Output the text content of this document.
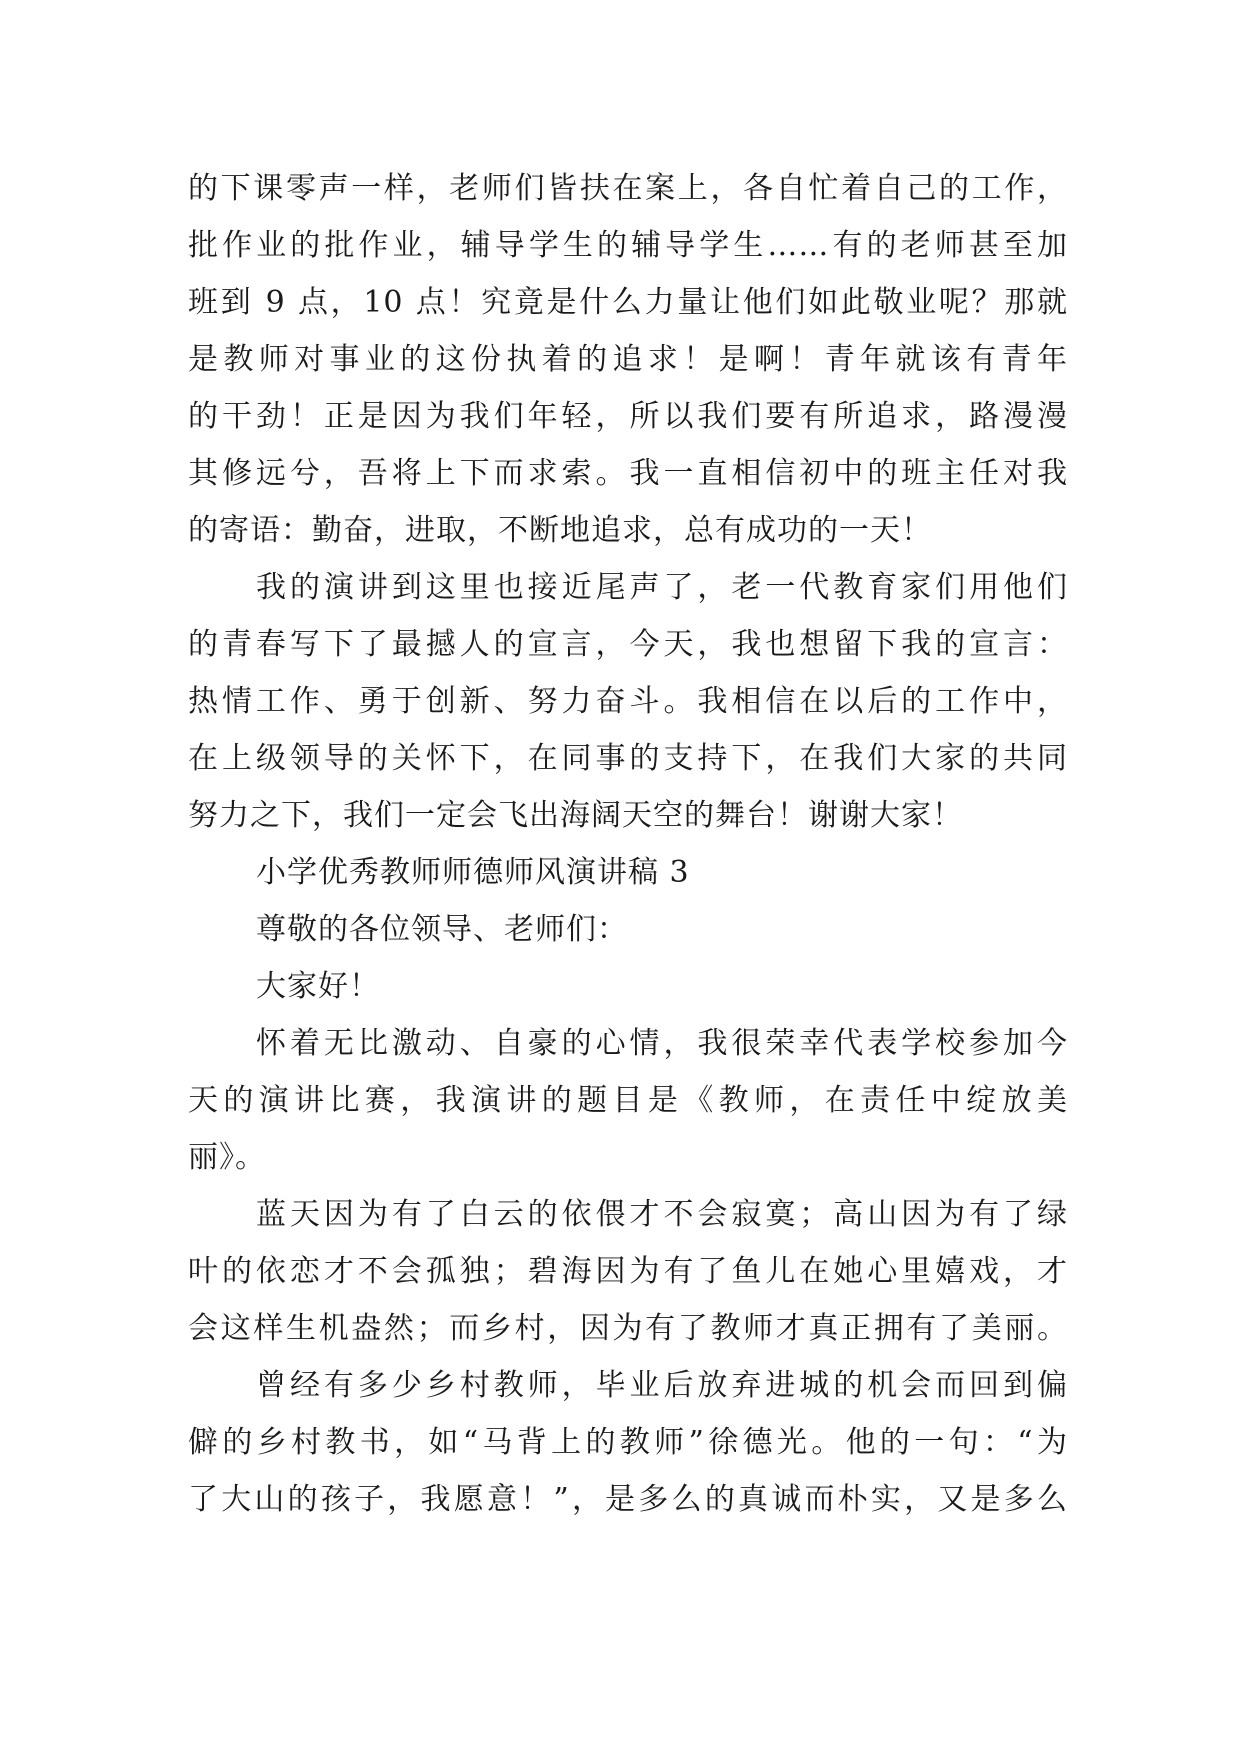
的下课零声一样，老师们皆扶在案上，各自忙着自己的工作，
批作业的批作业，辅导学生的辅导学生……有的老师甚至加
班到 9 点，10 点！究竟是什么力量让他们如此敬业呢？那就
是教师对事业的这份执着的追求！是啊！青年就该有青年
的干劲！正是因为我们年轻，所以我们要有所追求，路漫漫
其修远兮，吾将上下而求索。我一直相信初中的班主任对我
的寄语：勤奋，进取，不断地追求，总有成功的一天！
我的演讲到这里也接近尾声了，老一代教育家们用他们
的青春写下了最撼人的宣言，今天，我也想留下我的宣言：
热情工作、勇于创新、努力奋斗。我相信在以后的工作中，
在上级领导的关怀下，在同事的支持下，在我们大家的共同
努力之下，我们一定会飞出海阔天空的舞台！谢谢大家！
小学优秀教师师德师风演讲稿 3
尊敬的各位领导、老师们：
大家好！
怀着无比激动、自豪的心情，我很荣幸代表学校参加今
天的演讲比赛，我演讲的题目是《教师，在责任中绽放美
丽》。
蓝天因为有了白云的依偎才不会寂寞；高山因为有了绿
叶的依恋才不会孤独；碧海因为有了鱼儿在她心里嬉戏，才
会这样生机盎然；而乡村，因为有了教师才真正拥有了美丽。
曾经有多少乡村教师，毕业后放弃进城的机会而回到偏
僻的乡村教书，如“马背上的教师”徐德光。他的一句：“为
了大山的孩子，我愿意！”，是多么的真诚而朴实，又是多么
